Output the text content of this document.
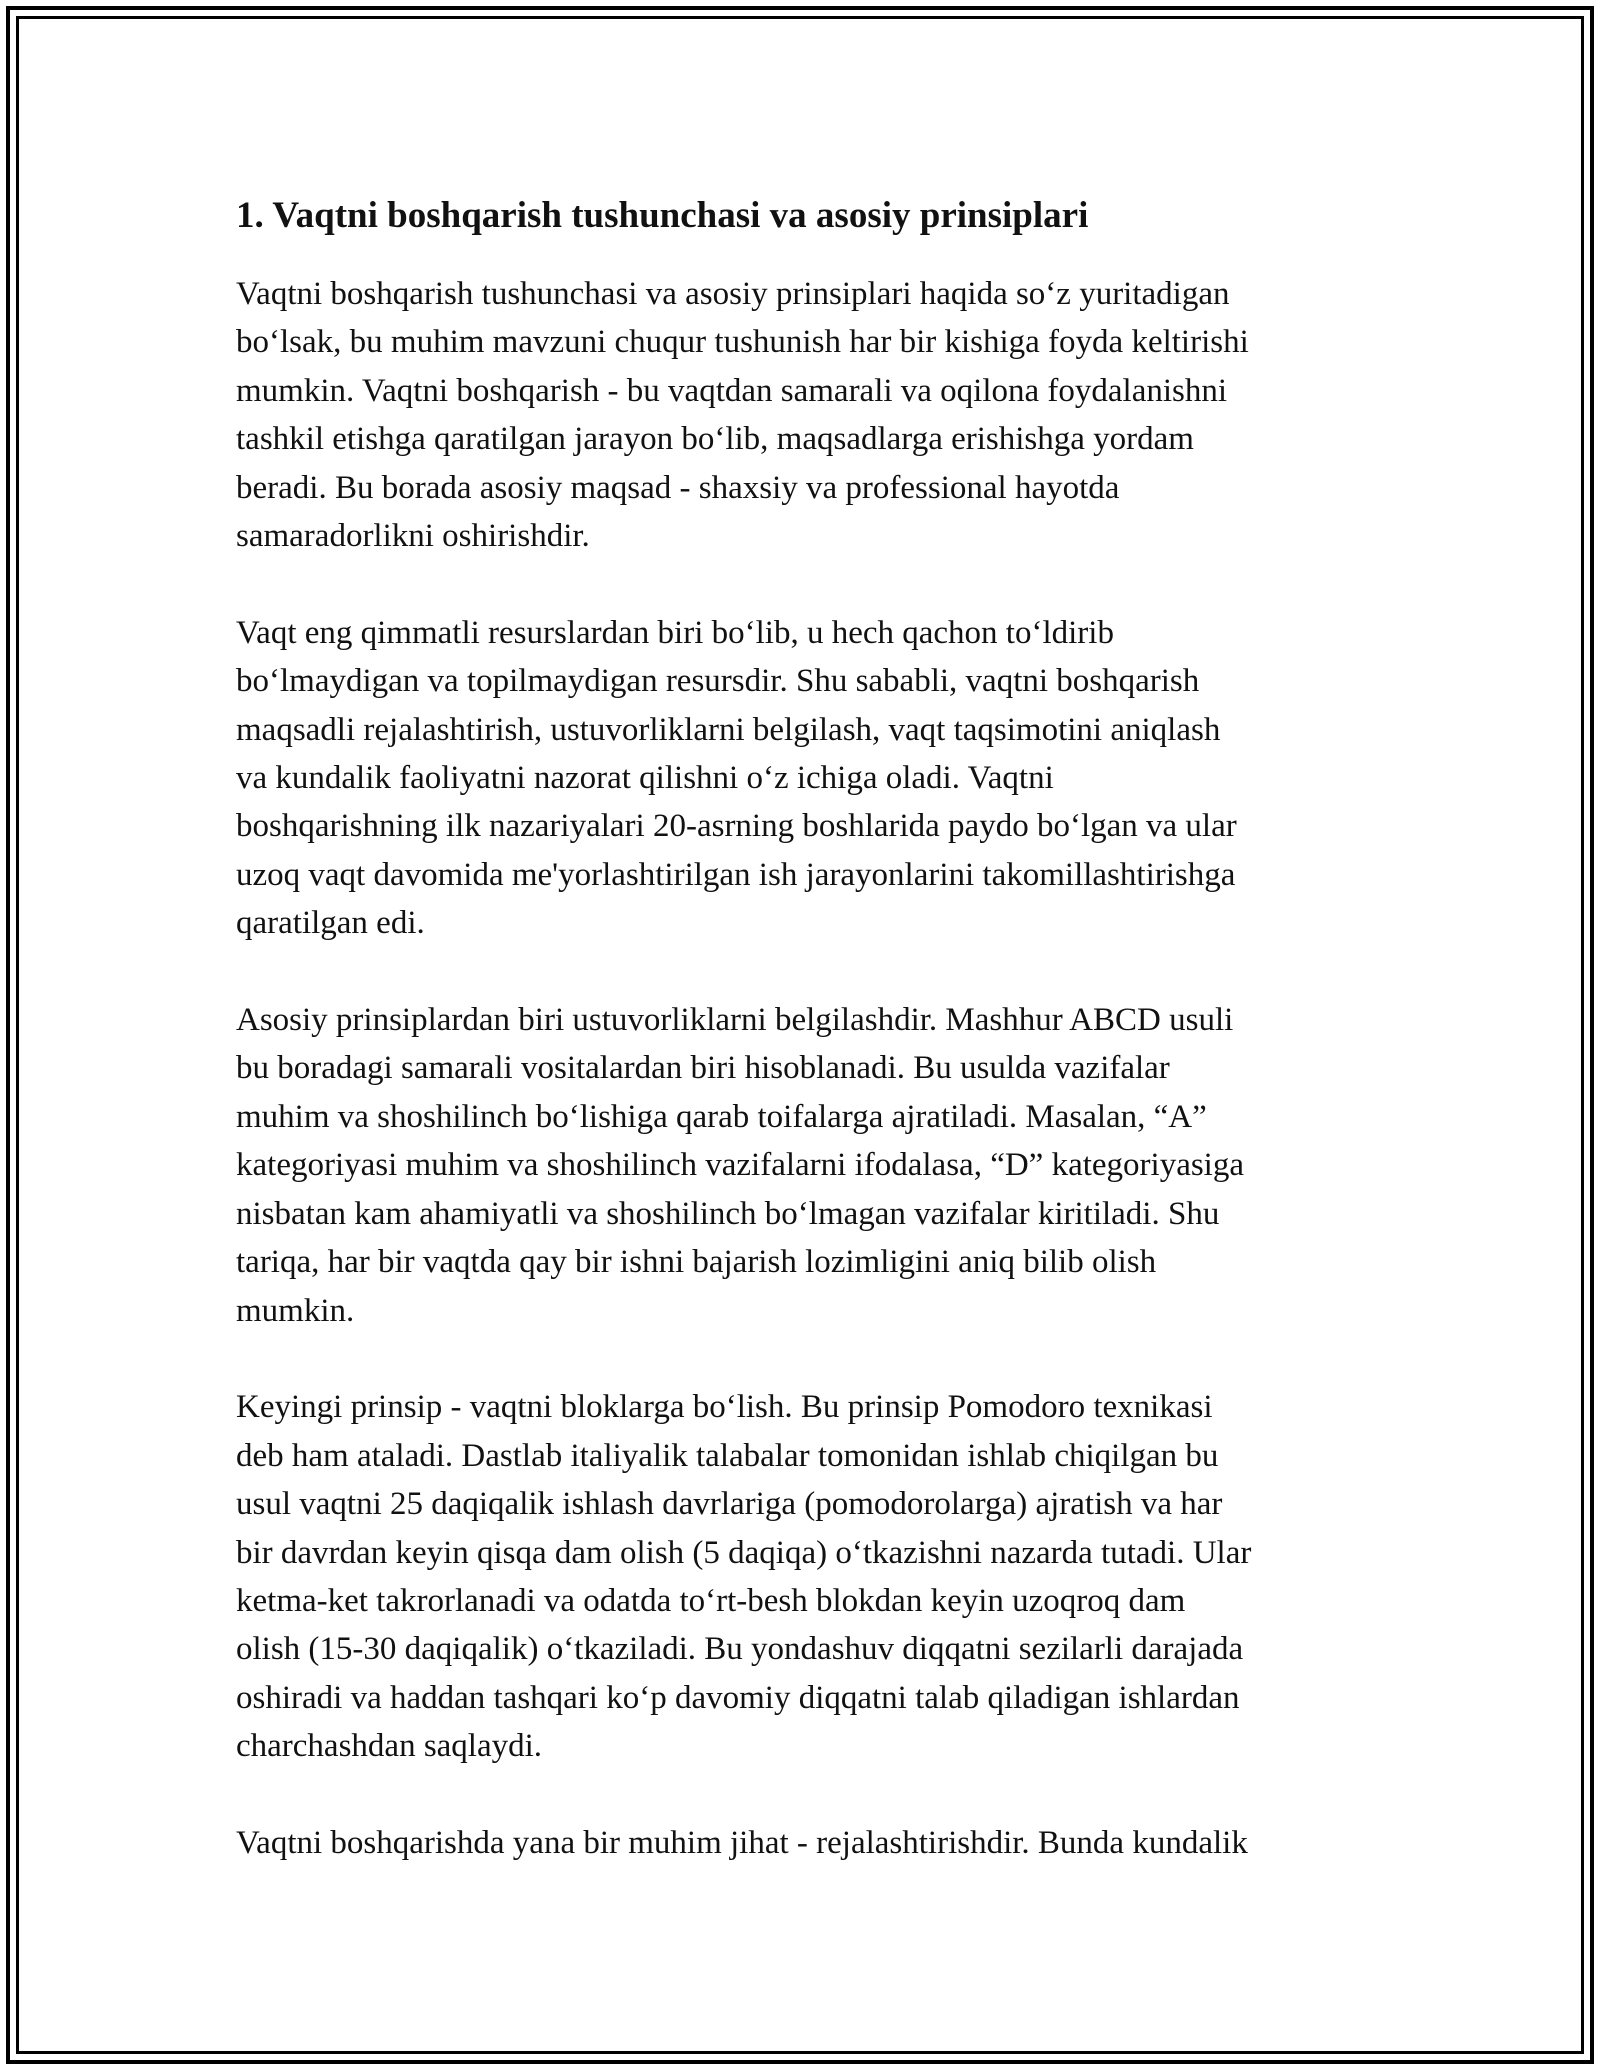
1. Vaqtni boshqarish tushunchasi va asosiy prinsiplari

Vaqtni boshqarish tushunchasi va asosiy prinsiplari haqida so‘z yuritadigan
bo‘lsak, bu muhim mavzuni chuqur tushunish har bir kishiga foyda keltirishi
mumkin. Vaqtni boshqarish - bu vaqtdan samarali va oqilona foydalanishni
tashkil etishga qaratilgan jarayon bo‘lib, maqsadlarga erishishga yordam
beradi. Bu borada asosiy maqsad - shaxsiy va professional hayotda
samaradorlikni oshirishdir.

Vaqt eng qimmatli resurslardan biri bo‘lib, u hech qachon to‘ldirib
bo‘lmaydigan va topilmaydigan resursdir. Shu sababli, vaqtni boshqarish
maqsadli rejalashtirish, ustuvorliklarni belgilash, vaqt taqsimotini aniqlash
va kundalik faoliyatni nazorat qilishni o‘z ichiga oladi. Vaqtni
boshqarishning ilk nazariyalari 20-asrning boshlarida paydo bo‘lgan va ular
uzoq vaqt davomida me'yorlashtirilgan ish jarayonlarini takomillashtirishga
qaratilgan edi.

Asosiy prinsiplardan biri ustuvorliklarni belgilashdir. Mashhur ABCD usuli
bu boradagi samarali vositalardan biri hisoblanadi. Bu usulda vazifalar
muhim va shoshilinch bo‘lishiga qarab toifalarga ajratiladi. Masalan, “A”
kategoriyasi muhim va shoshilinch vazifalarni ifodalasa, “D” kategoriyasiga
nisbatan kam ahamiyatli va shoshilinch bo‘lmagan vazifalar kiritiladi. Shu
tariqa, har bir vaqtda qay bir ishni bajarish lozimligini aniq bilib olish
mumkin.

Keyingi prinsip - vaqtni bloklarga bo‘lish. Bu prinsip Pomodoro texnikasi
deb ham ataladi. Dastlab italiyalik talabalar tomonidan ishlab chiqilgan bu
usul vaqtni 25 daqiqalik ishlash davrlariga (pomodorolarga) ajratish va har
bir davrdan keyin qisqa dam olish (5 daqiqa) o‘tkazishni nazarda tutadi. Ular
ketma-ket takrorlanadi va odatda to‘rt-besh blokdan keyin uzoqroq dam
olish (15-30 daqiqalik) o‘tkaziladi. Bu yondashuv diqqatni sezilarli darajada
oshiradi va haddan tashqari ko‘p davomiy diqqatni talab qiladigan ishlardan
charchashdan saqlaydi.

Vaqtni boshqarishda yana bir muhim jihat - rejalashtirishdir. Bunda kundalik
